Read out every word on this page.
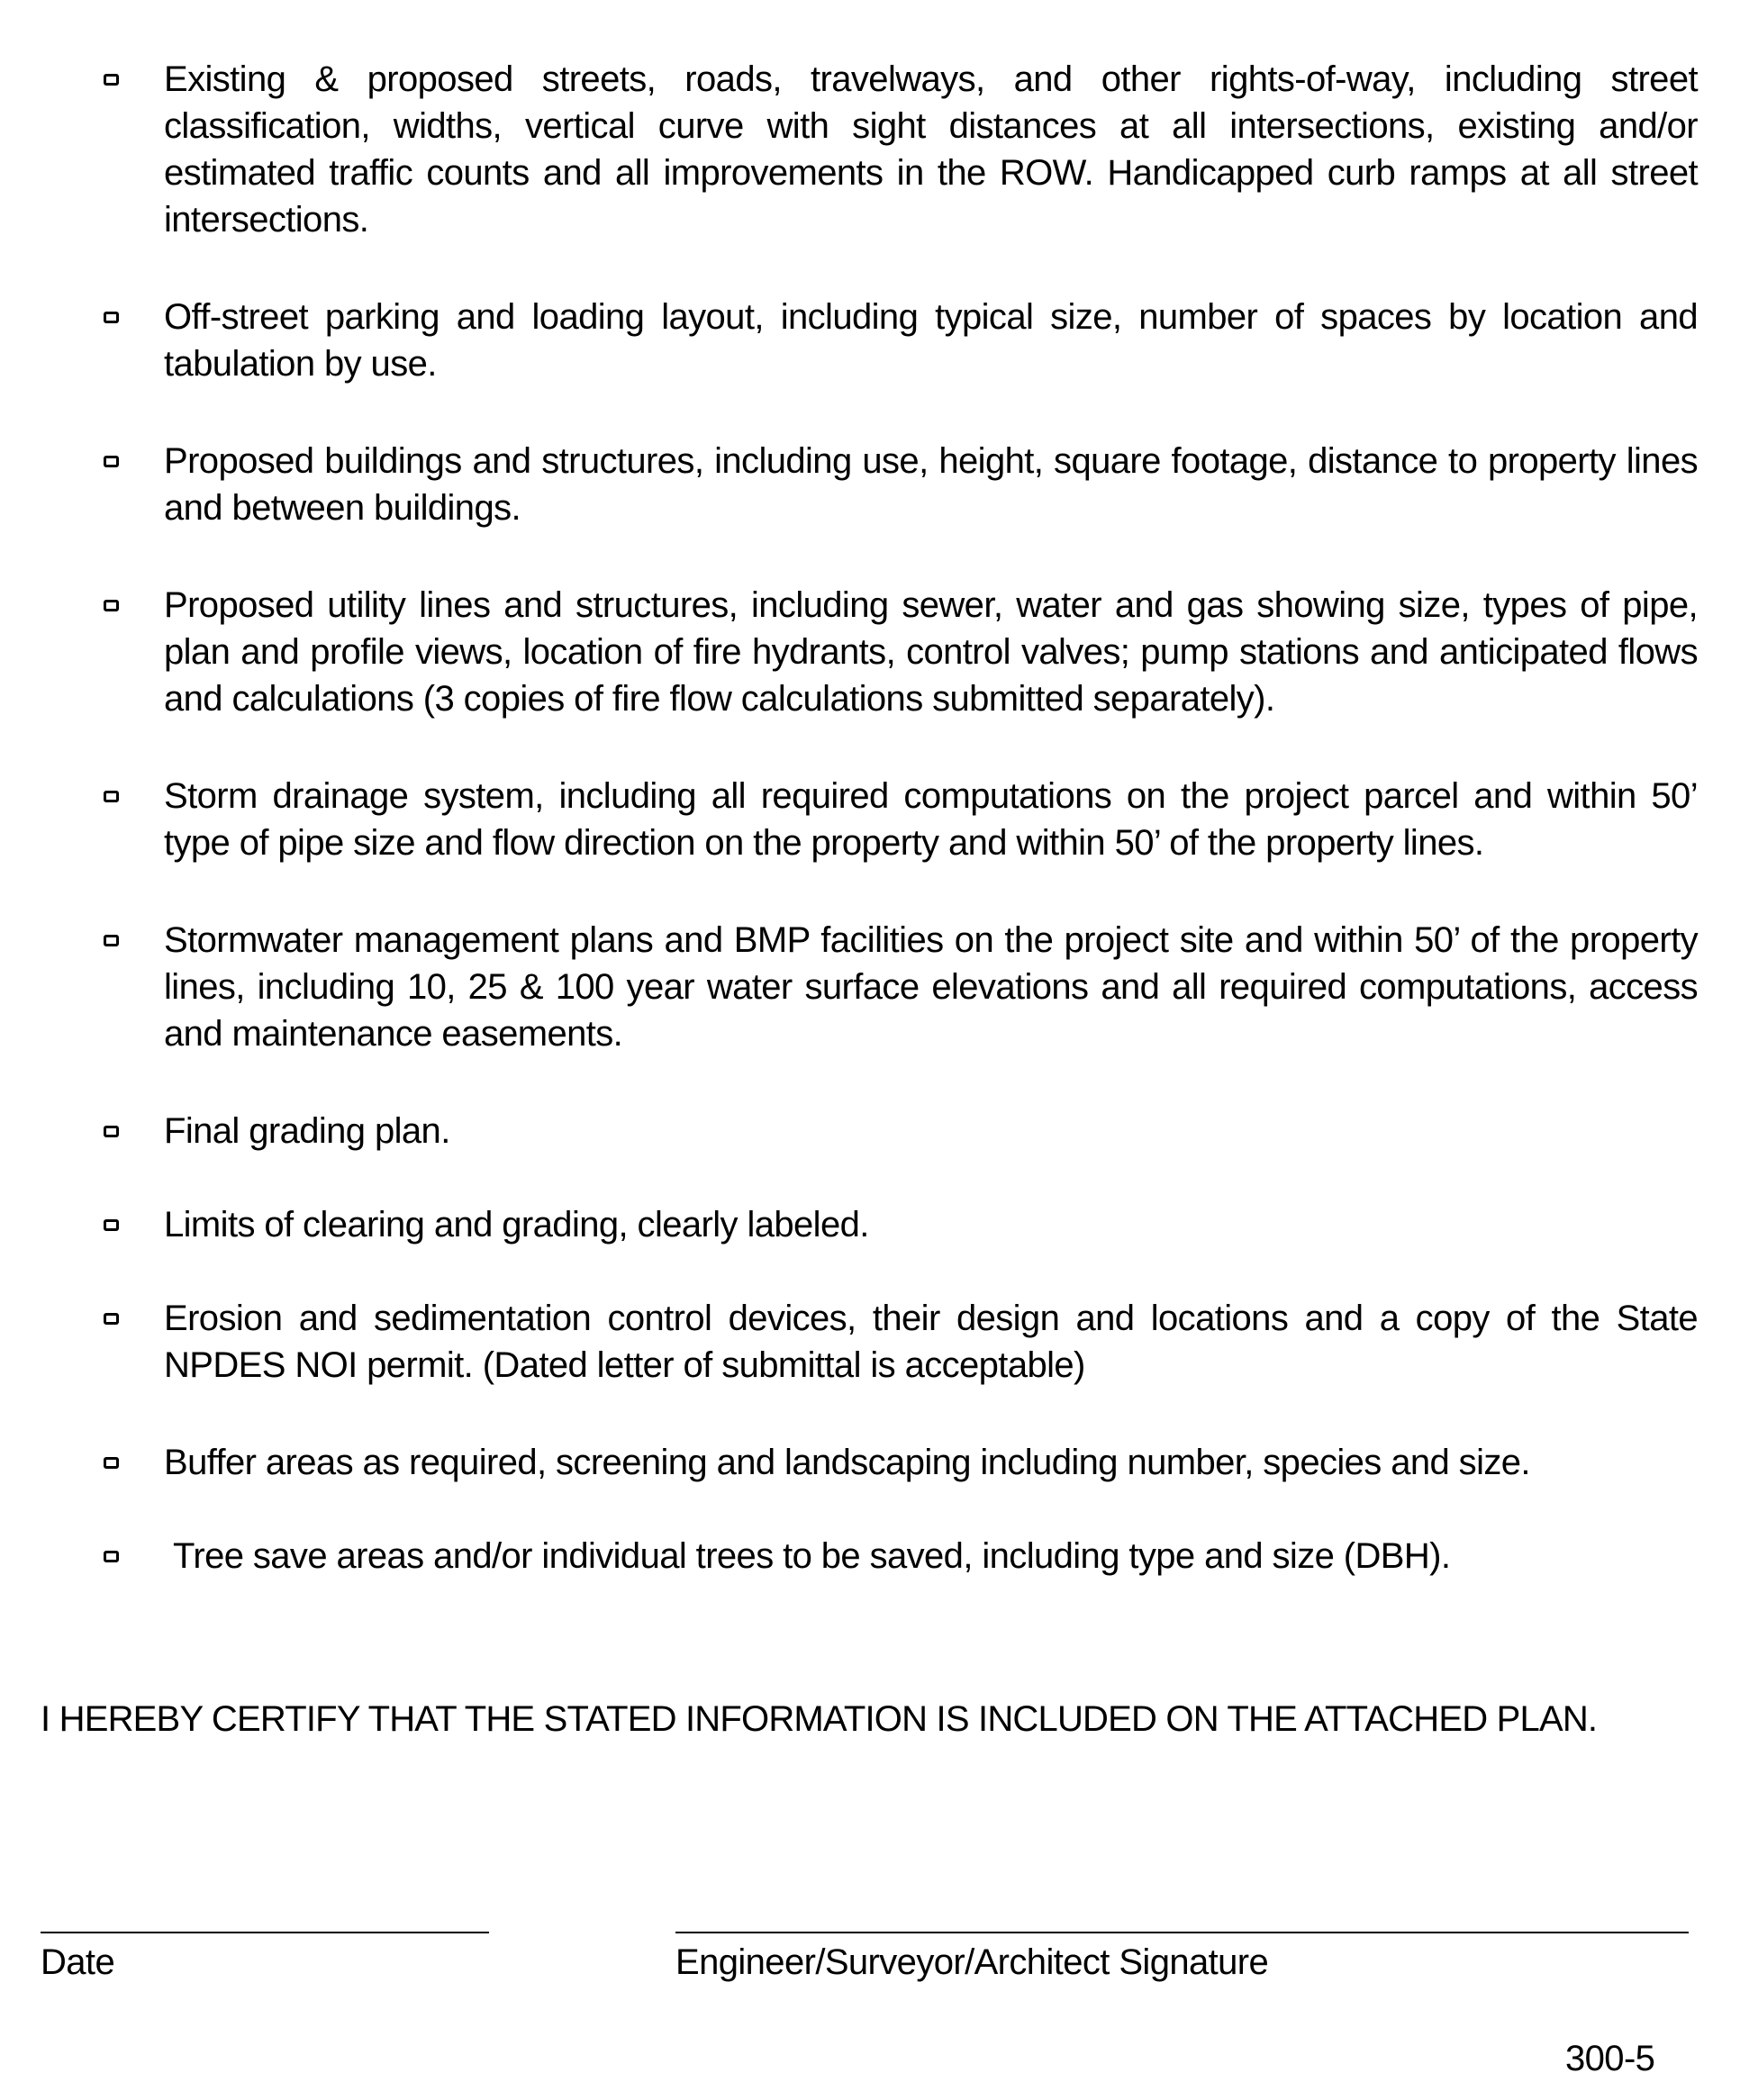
Existing & proposed streets, roads, travelways, and other rights-of-way, including street classification, widths, vertical curve with sight distances at all intersections, existing and/or estimated traffic counts and all improvements in the ROW. Handicapped curb ramps at all street intersections.
Off-street parking and loading layout, including typical size, number of spaces by location and tabulation by use.
Proposed buildings and structures, including use, height, square footage, distance to property lines and between buildings.
Proposed utility lines and structures, including sewer, water and gas showing size, types of pipe, plan and profile views, location of fire hydrants, control valves; pump stations and anticipated flows and calculations (3 copies of fire flow calculations submitted separately).
Storm drainage system, including all required computations on the project parcel and within 50’ type of pipe size and flow direction on the property and within 50’ of the property lines.
Stormwater management plans and BMP facilities on the project site and within 50’ of the property lines, including 10, 25 & 100 year water surface elevations and all required computations, access and maintenance easements.
Final grading plan.
Limits of clearing and grading, clearly labeled.
Erosion and sedimentation control devices, their design and locations and a copy of the State NPDES NOI permit. (Dated letter of submittal is acceptable)
Buffer areas as required, screening and landscaping including number, species and size.
Tree save areas and/or individual trees to be saved, including type and size (DBH).
I HEREBY CERTIFY THAT THE STATED INFORMATION IS INCLUDED ON THE ATTACHED PLAN.
Date	Engineer/Surveyor/Architect Signature
300-5
